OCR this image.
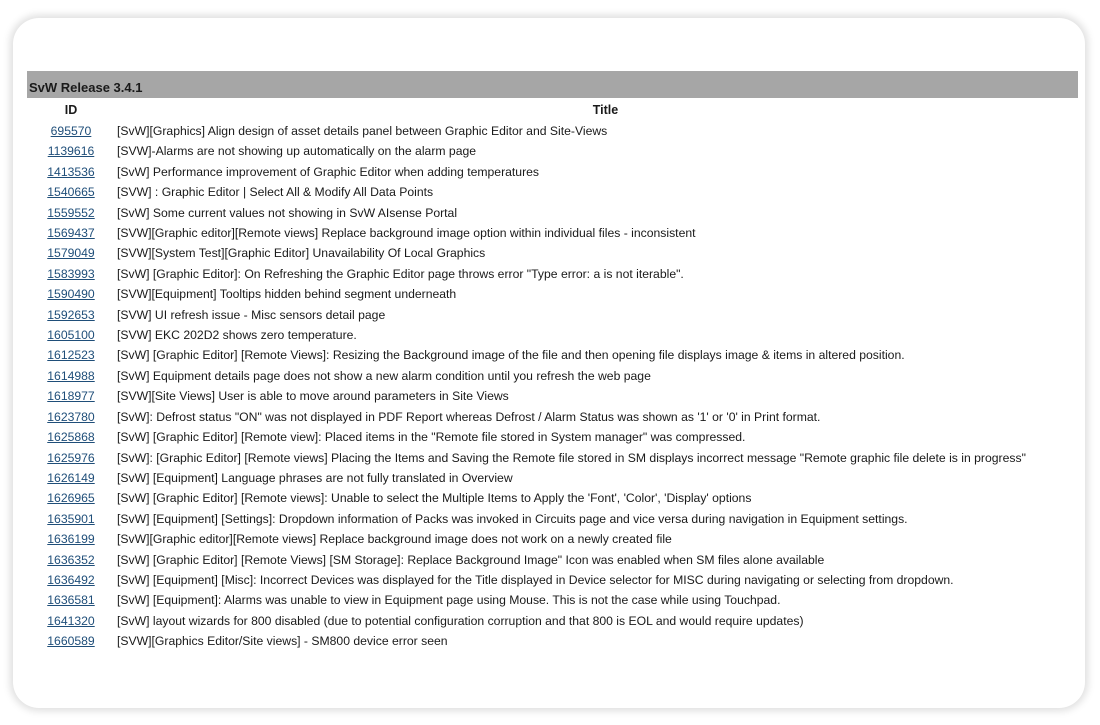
SvW Release 3.4.1
ID	Title
695570	[SvW][Graphics] Align design of asset details panel between Graphic Editor and Site-Views
1139616	[SVW]-Alarms are not showing up automatically on the alarm page
1413536	[SvW] Performance improvement of Graphic Editor when adding temperatures
1540665	[SVW] : Graphic Editor | Select All & Modify All Data Points
1559552	[SvW] Some current values not showing in SvW AIsense Portal
1569437	[SVW][Graphic editor][Remote views] Replace background image option within individual files - inconsistent
1579049	[SVW][System Test][Graphic Editor] Unavailability Of Local Graphics
1583993	[SvW] [Graphic Editor]: On Refreshing the Graphic Editor page throws error "Type error: a is not iterable".
1590490	[SVW][Equipment] Tooltips hidden behind segment underneath
1592653	[SVW] UI refresh issue - Misc sensors detail page
1605100	[SVW] EKC 202D2 shows zero temperature.
1612523	[SvW] [Graphic Editor] [Remote Views]: Resizing the Background image of the file and then opening file displays image & items in altered position.
1614988	[SvW] Equipment details page does not show a new alarm condition until you refresh the web page
1618977	[SVW][Site Views] User is able to move around parameters in Site Views
1623780	[SvW]: Defrost status "ON" was not displayed in PDF Report whereas Defrost / Alarm Status was shown as '1' or '0' in Print format.
1625868	[SvW] [Graphic Editor] [Remote view]: Placed items in the "Remote file stored in System manager" was compressed.
1625976	[SvW]: [Graphic Editor] [Remote views] Placing the Items and Saving the Remote file stored in SM displays incorrect message "Remote graphic file delete is in progress"
1626149	[SvW] [Equipment] Language phrases are not fully translated in Overview
1626965	[SvW] [Graphic Editor] [Remote views]: Unable to select the Multiple Items to Apply the 'Font', 'Color', 'Display' options
1635901	[SvW] [Equipment] [Settings]: Dropdown information of Packs was invoked in Circuits page and vice versa during navigation in Equipment settings.
1636199	[SvW][Graphic editor][Remote views] Replace background image does not work on a newly created file
1636352	[SvW] [Graphic Editor] [Remote Views] [SM Storage]: Replace Background Image" Icon was enabled when SM files alone available
1636492	[SvW] [Equipment] [Misc]: Incorrect Devices was displayed for the Title displayed in Device selector for MISC during navigating or selecting from dropdown.
1636581	[SvW] [Equipment]: Alarms was unable to view in Equipment page using Mouse. This is not the case while using Touchpad.
1641320	[SvW] layout wizards for 800 disabled (due to potential configuration corruption and that 800 is EOL and would require updates)
1660589	[SVW][Graphics Editor/Site views] - SM800 device error seen
